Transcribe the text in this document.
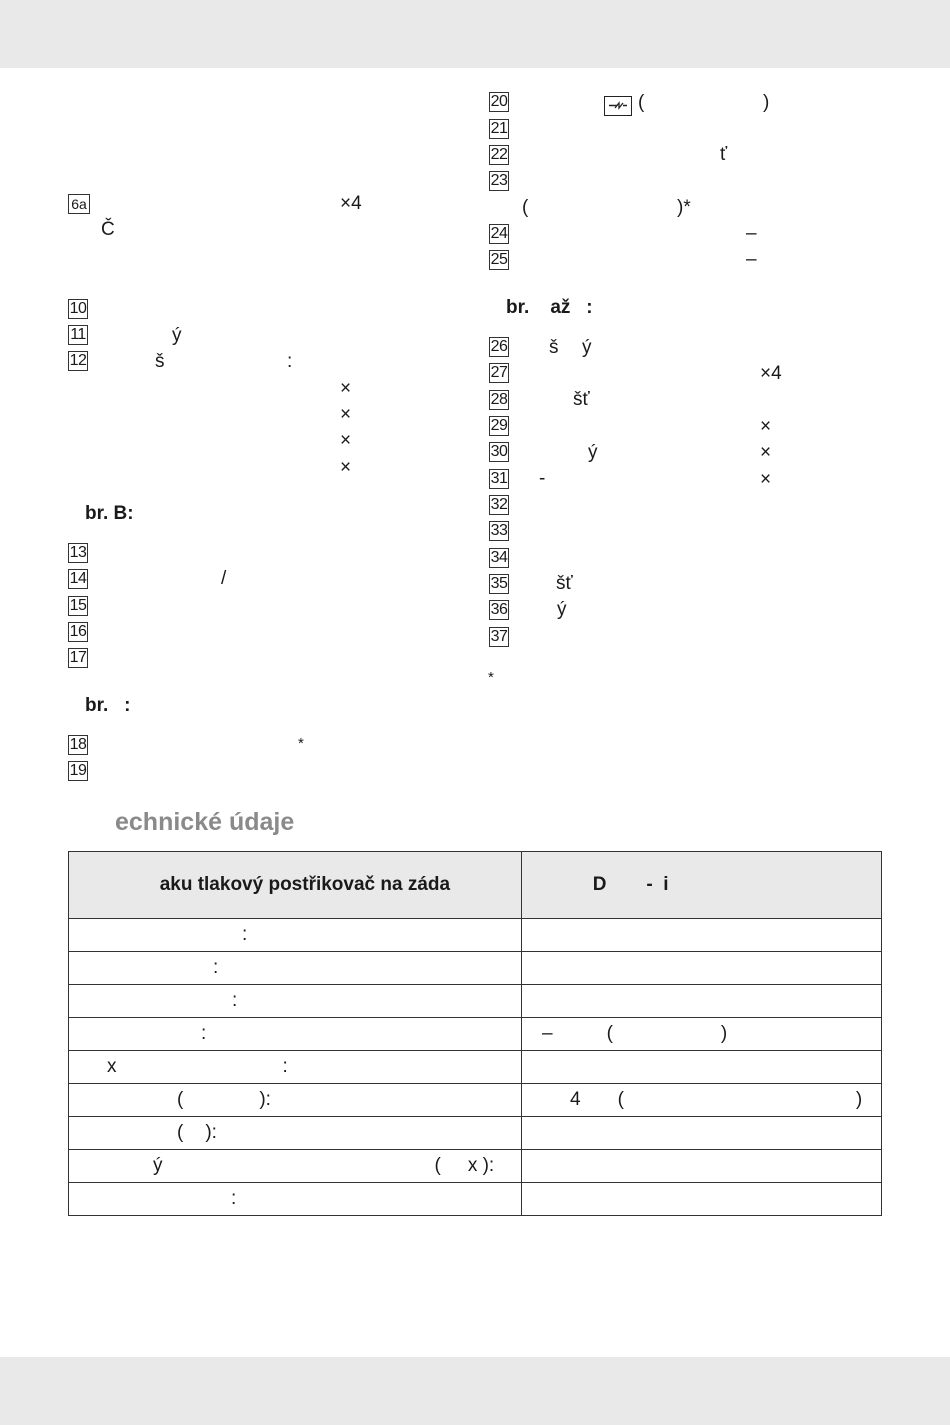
6a	×4
Č
10
11	ý
12	š	:
×
×
×
×
br. B:
13
14	/
15
16
17
br.   :
18	*
19
20	(	)
21
22	ť
23
(	)*
24	–
25	–
br.    až   :
26 š ý
27	×4
28	šť
29	×
30	ý	×
31 -	×
32
33
34
35	šť
36	ý
37
*
echnické údaje

aku tlakový postřikovač na záda	D -  i

:	
:	
:	
:	– ( )
x :	
( ):	4 ( )
( ):	
ý ( x ):	
:	
